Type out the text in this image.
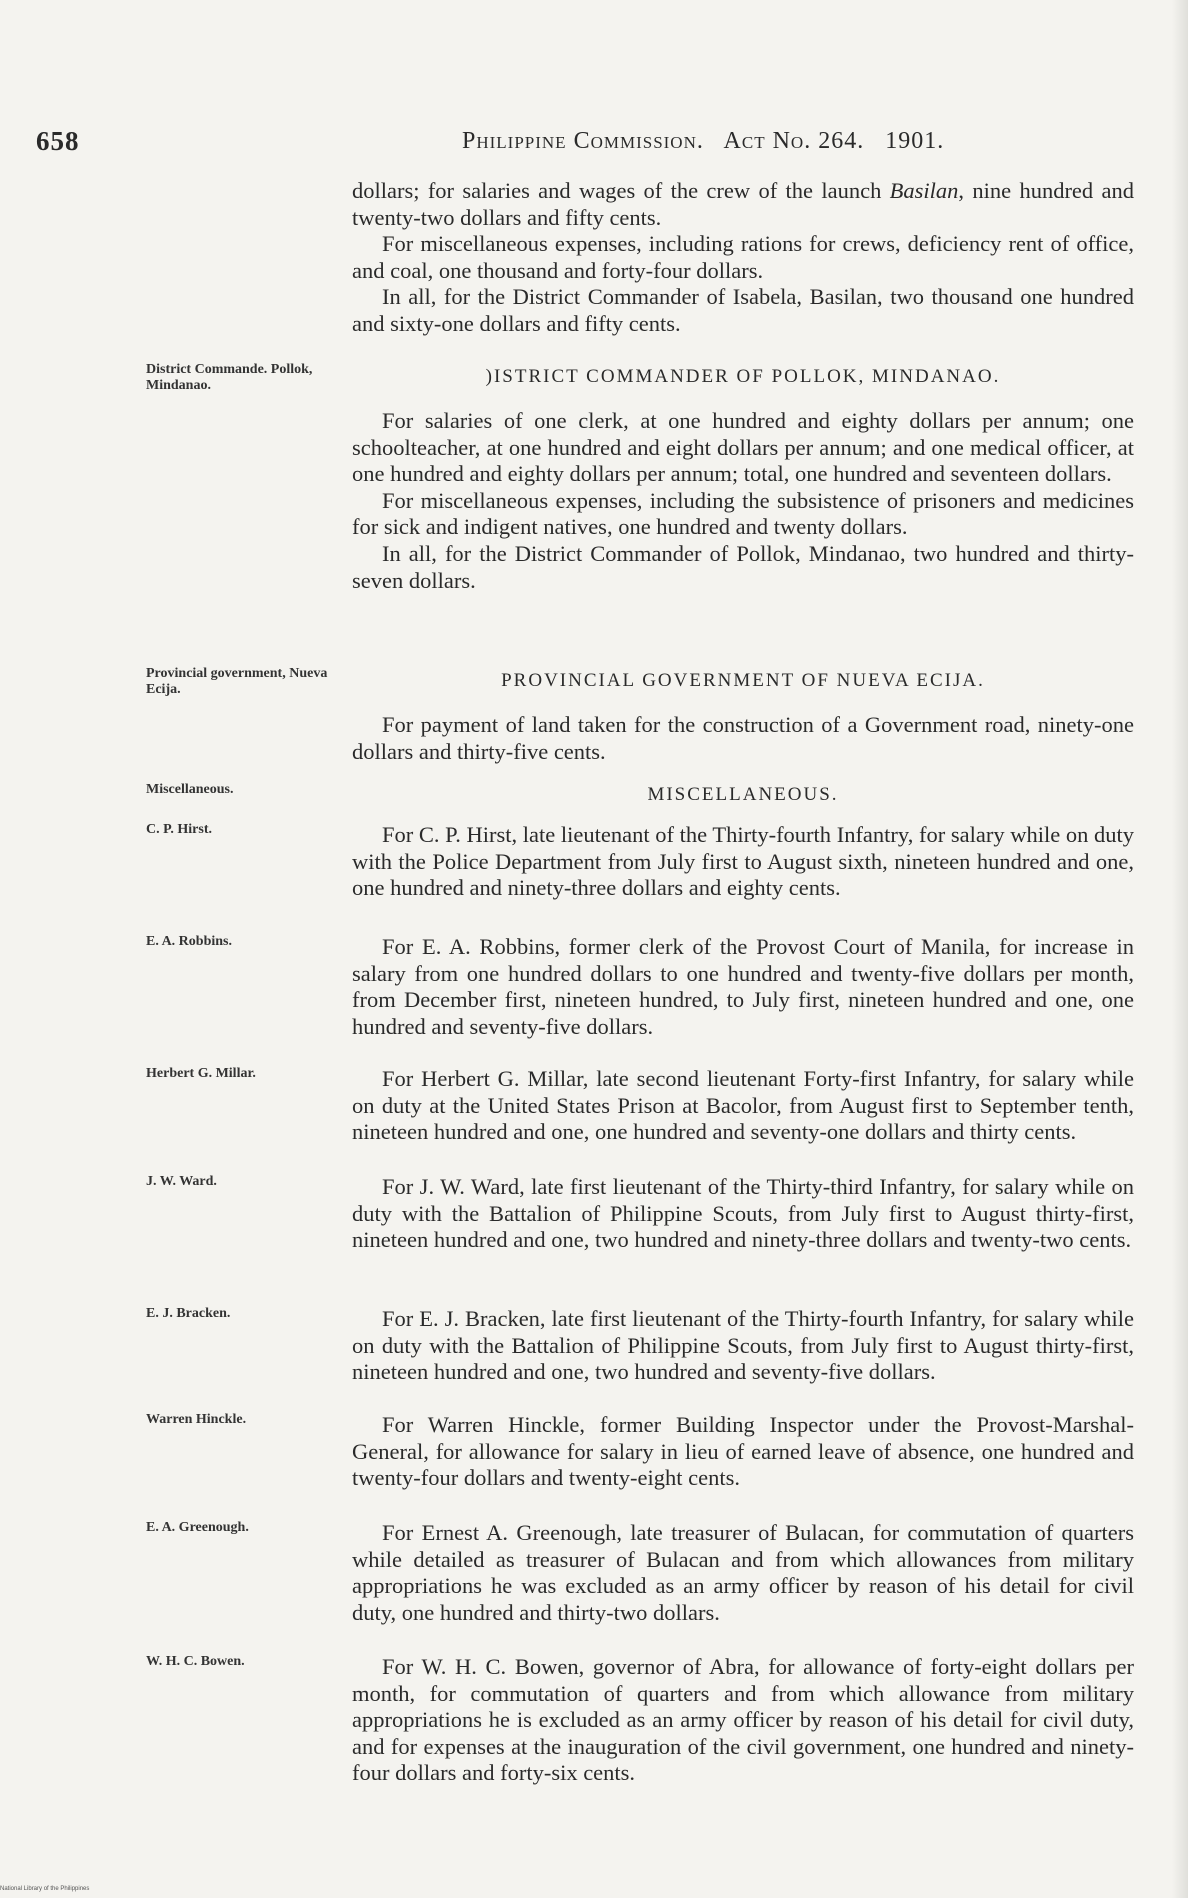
658	Philippine Commission.   Act No. 264.   1901.

dollars; for salaries and wages of the crew of the launch Basilan, nine hundred and twenty-two dollars and fifty cents.

For miscellaneous expenses, including rations for crews, deficiency rent of office, and coal, one thousand and forty-four dollars.

In all, for the District Commander of Isabela, Basilan, two thousand one hundred and sixty-one dollars and fifty cents.

District Commande. Pollok, Mindanao.	)ISTRICT COMMANDER OF POLLOK, MINDANAO.

For salaries of one clerk, at one hundred and eighty dollars per annum; one schoolteacher, at one hundred and eight dollars per annum; and one medical officer, at one hundred and eighty dollars per annum; total, one hundred and seventeen dollars.

For miscellaneous expenses, including the subsistence of prisoners and medicines for sick and indigent natives, one hundred and twenty dollars.

In all, for the District Commander of Pollok, Mindanao, two hundred and thirty-seven dollars.

Provincial government, Nueva Ecija.	PROVINCIAL GOVERNMENT OF NUEVA ECIJA.

For payment of land taken for the construction of a Government road, ninety-one dollars and thirty-five cents.

Miscellaneous.	MISCELLANEOUS.
C. P. Hirst.	For C. P. Hirst, late lieutenant of the Thirty-fourth Infantry, for salary while on duty with the Police Department from July first to August sixth, nineteen hundred and one, one hundred and ninety-three dollars and eighty cents.

E. A. Robbins.	For E. A. Robbins, former clerk of the Provost Court of Manila, for increase in salary from one hundred dollars to one hundred and twenty-five dollars per month, from December first, nineteen hundred, to July first, nineteen hundred and one, one hundred and seventy-five dollars.

Herbert G. Millar.	For Herbert G. Millar, late second lieutenant Forty-first Infantry, for salary while on duty at the United States Prison at Bacolor, from August first to September tenth, nineteen hundred and one, one hundred and seventy-one dollars and thirty cents.

J. W. Ward.	For J. W. Ward, late first lieutenant of the Thirty-third Infantry, for salary while on duty with the Battalion of Philippine Scouts, from July first to August thirty-first, nineteen hundred and one, two hundred and ninety-three dollars and twenty-two cents.

E. J. Bracken.	For E. J. Bracken, late first lieutenant of the Thirty-fourth Infantry, for salary while on duty with the Battalion of Philippine Scouts, from July first to August thirty-first, nineteen hundred and one, two hundred and seventy-five dollars.

Warren Hinckle.	For Warren Hinckle, former Building Inspector under the Provost-Marshal-General, for allowance for salary in lieu of earned leave of absence, one hundred and twenty-four dollars and twenty-eight cents.

E. A. Greenough.	For Ernest A. Greenough, late treasurer of Bulacan, for commutation of quarters while detailed as treasurer of Bulacan and from which allowances from military appropriations he was excluded as an army officer by reason of his detail for civil duty, one hundred and thirty-two dollars.

W. H. C. Bowen.	For W. H. C. Bowen, governor of Abra, for allowance of forty-eight dollars per month, for commutation of quarters and from which allowance from military appropriations he is excluded as an army officer by reason of his detail for civil duty, and for expenses at the inauguration of the civil government, one hundred and ninety-four dollars and forty-six cents.

National Library of the Philippines
